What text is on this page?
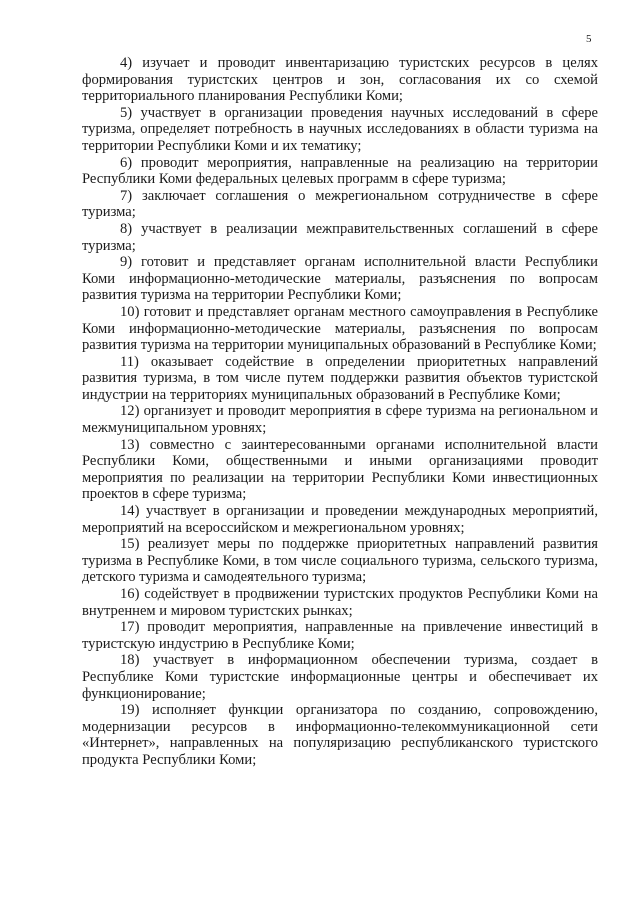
5

4) изучает и проводит инвентаризацию туристских ресурсов в целях формирования туристских центров и зон, согласования их со схемой территориального планирования Республики Коми;

5) участвует в организации проведения научных исследований в сфере туризма, определяет потребность в научных исследованиях в области туризма на территории Республики Коми и их тематику;

6) проводит мероприятия, направленные на реализацию на территории Республики Коми федеральных целевых программ в сфере туризма;

7) заключает соглашения о межрегиональном сотрудничестве в сфере туризма;

8) участвует в реализации межправительственных соглашений в сфере туризма;

9) готовит и представляет органам исполнительной власти Республики Коми информационно-методические материалы, разъяснения по вопросам развития туризма на территории Республики Коми;

10) готовит и представляет органам местного самоуправления в Республике Коми информационно-методические материалы, разъяснения по вопросам развития туризма на территории муниципальных образований в Республике Коми;

11) оказывает содействие в определении приоритетных направлений развития туризма, в том числе путем поддержки развития объектов туристской индустрии на территориях муниципальных образований в Республике Коми;

12) организует и проводит мероприятия в сфере туризма на региональном и межмуниципальном уровнях;

13) совместно с заинтересованными органами исполнительной власти Республики Коми, общественными и иными организациями проводит мероприятия по реализации на территории Республики Коми инвестиционных проектов в сфере туризма;

14) участвует в организации и проведении международных мероприятий, мероприятий на всероссийском и межрегиональном уровнях;

15) реализует меры по поддержке приоритетных направлений развития туризма в Республике Коми, в том числе социального туризма, сельского туризма, детского туризма и самодеятельного туризма;

16) содействует в продвижении туристских продуктов Республики Коми на внутреннем и мировом туристских рынках;

17) проводит мероприятия, направленные на привлечение инвестиций в туристскую индустрию в Республике Коми;

18) участвует в информационном обеспечении туризма, создает в Республике Коми туристские информационные центры и обеспечивает их функционирование;

19) исполняет функции организатора по созданию, сопровождению, модернизации ресурсов в информационно-телекоммуникационной сети «Интернет», направленных на популяризацию республиканского туристского продукта Республики Коми;
